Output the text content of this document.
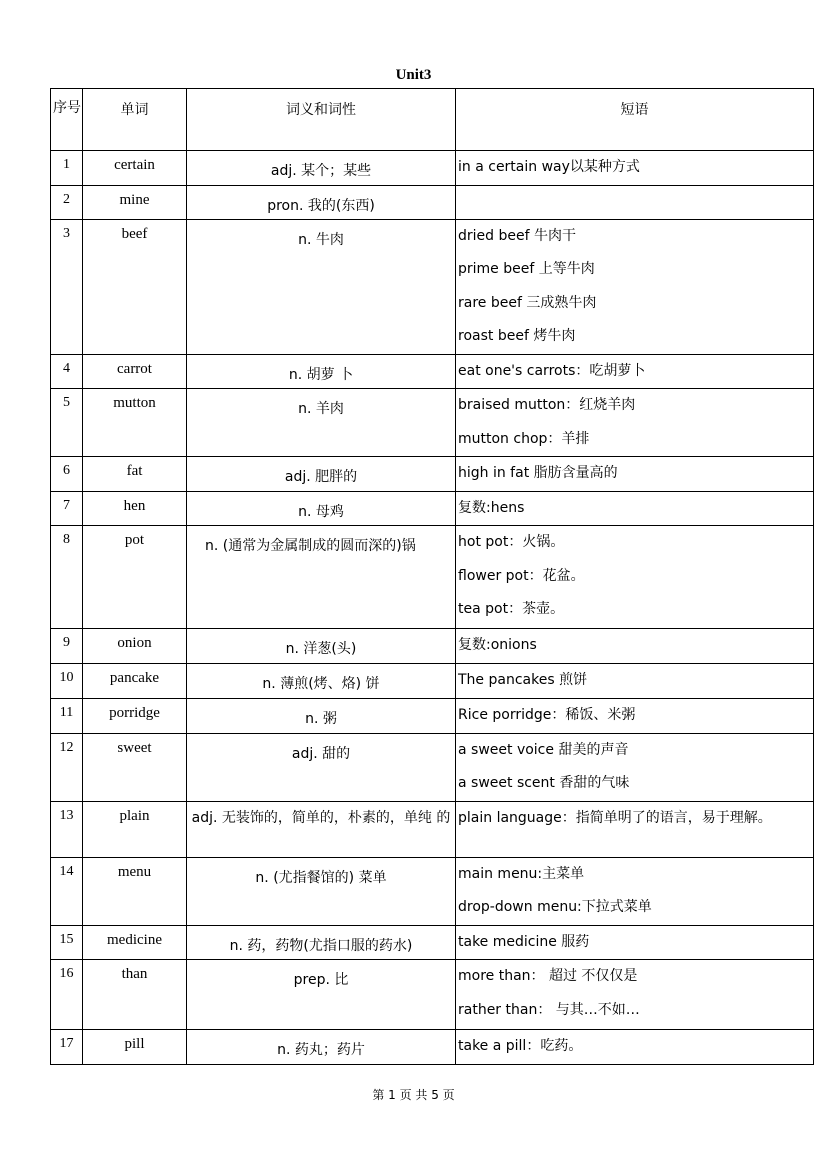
Unit3
序号	单词	词义和词性	短语
1	certain	adj. 某个；某些	in a certain way以某种方式

2	mine	pron. 我的(东西)	
3	beef	n. 牛肉	dried beef 牛肉干
prime beef 上等牛肉
rare beef 三成熟牛肉
roast beef 烤牛肉

4	carrot	n. 胡萝 卜	eat one's carrots：吃胡萝卜

5	mutton	n. 羊肉	braised mutton：红烧羊肉
mutton chop：羊排

6	fat	adj. 肥胖的	high in fat 脂肪含量高的

7	hen	n. 母鸡	复数:hens

8	pot	n. (通常为金属制成的圆而深的)锅	hot pot：火锅。
flower pot：花盆。
tea pot：茶壶。

9	onion	n. 洋葱(头)	复数:onions

10	pancake	n. 薄煎(烤、烙) 饼	The pancakes 煎饼

11	porridge	n. 粥	Rice porridge：稀饭、米粥

12	sweet	adj. 甜的	a sweet voice 甜美的声音
a sweet scent 香甜的气味

13	plain	adj. 无装饰的，简单的，朴素的，单纯 的	plain language：指简单明了的语言，易于理解。

14	menu	n. (尤指餐馆的) 菜单	main menu:主菜单
drop-down menu:下拉式菜单

15	medicine	n. 药，药物(尤指口服的药水)	take medicine 服药

16	than	prep. 比	more than： 超过 不仅仅是
rather than： 与其…不如…

17	pill	n. 药丸；药片	take a pill：吃药。
第 1 页 共 5 页
